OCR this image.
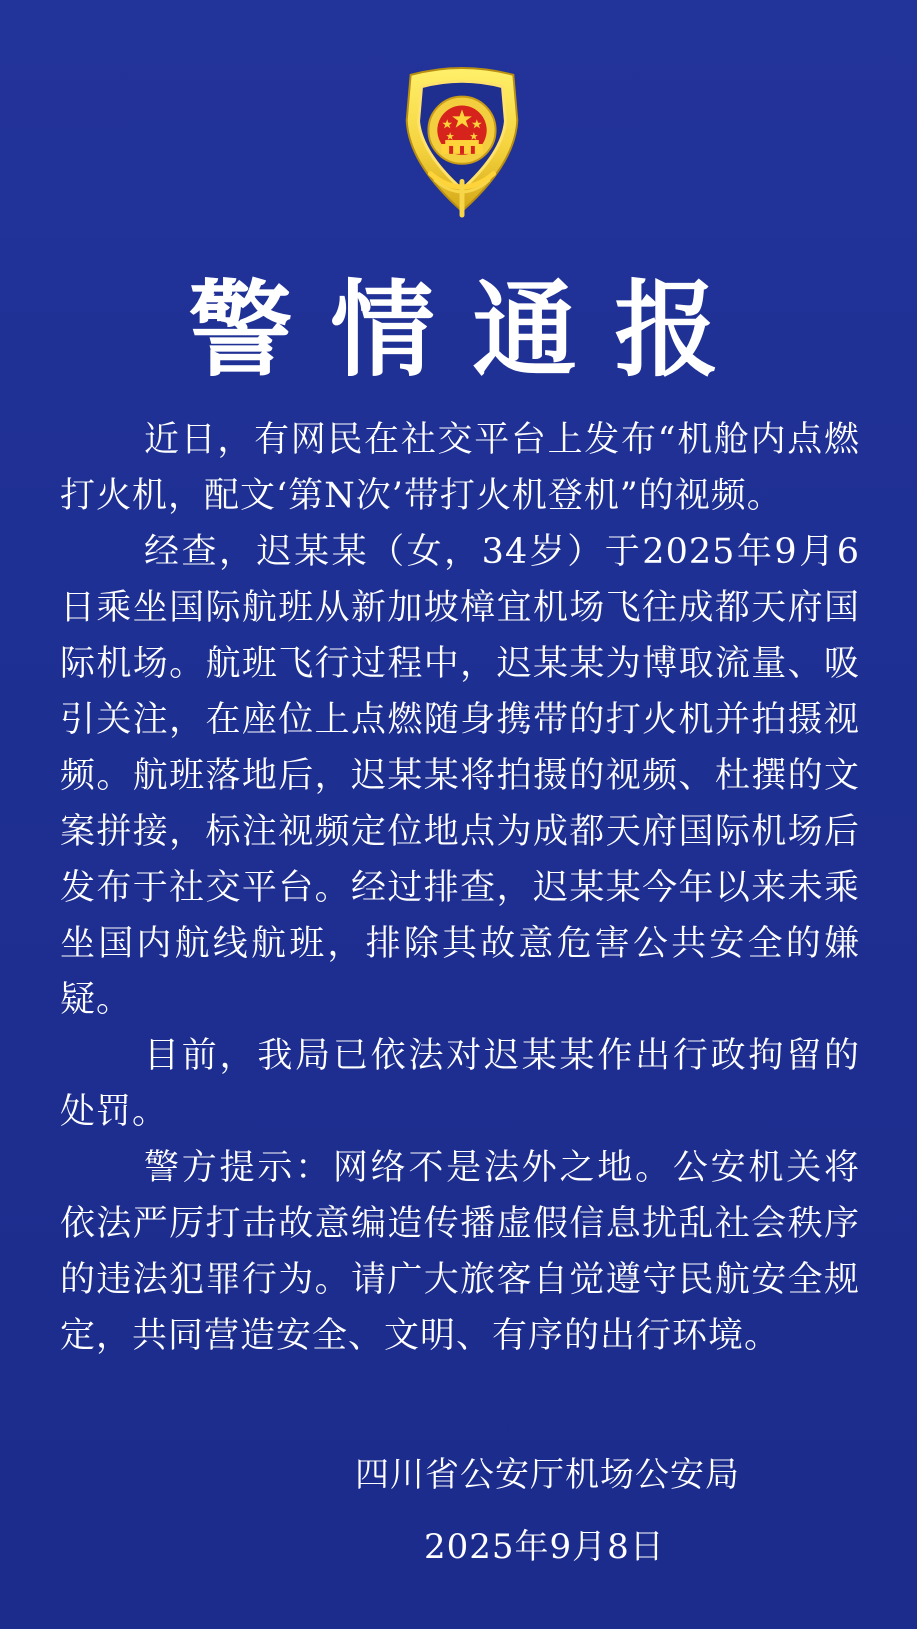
警情通报

近日，有网民在社交平台上发布“机舱内点燃打火机，配文‘第N次’带打火机登机”的视频。

经查，迟某某（女，34岁）于2025年9月6日乘坐国际航班从新加坡樟宜机场飞往成都天府国际机场。航班飞行过程中，迟某某为博取流量、吸引关注，在座位上点燃随身携带的打火机并拍摄视频。航班落地后，迟某某将拍摄的视频、杜撰的文案拼接，标注视频定位地点为成都天府国际机场后发布于社交平台。经过排查，迟某某今年以来未乘坐国内航线航班，排除其故意危害公共安全的嫌疑。

目前，我局已依法对迟某某作出行政拘留的处罚。

警方提示：网络不是法外之地。公安机关将依法严厉打击故意编造传播虚假信息扰乱社会秩序的违法犯罪行为。请广大旅客自觉遵守民航安全规定，共同营造安全、文明、有序的出行环境。

四川省公安厅机场公安局
2025年9月8日
